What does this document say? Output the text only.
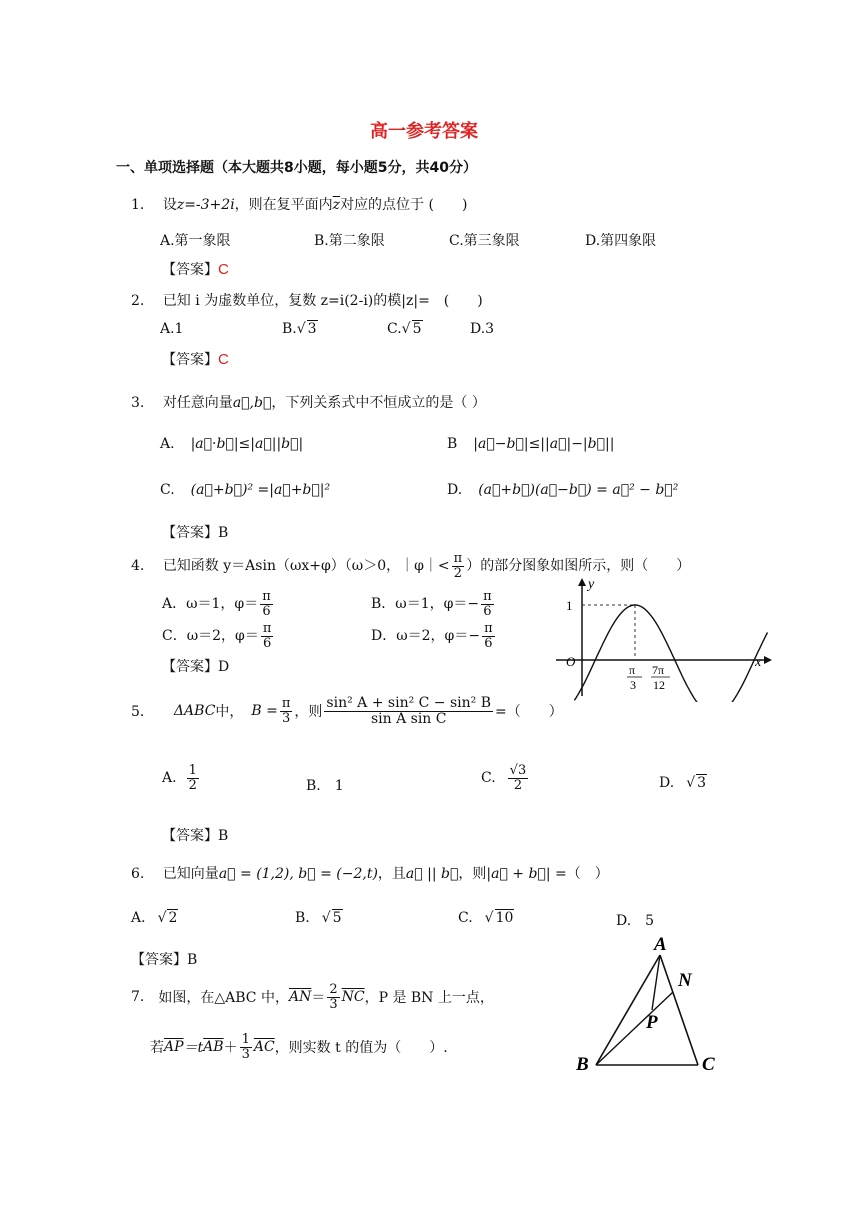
高一参考答案
一、单项选择题（本大题共8小题，每小题5分，共40分）
1. 设z=-3+2i，则在复平面内$\overline{z}$对应的点位于 (　　)
A.第一象限	B.第二象限	C.第三象限	D.第四象限
【答案】C
2. 已知 i 为虚数单位，复数 z=i(2-i)的模|z|=　(　　)
A.1	B.√ 3	C.√ 5	D.3
【答案】C
3. 对任意向量a⃗,b⃗，下列关系式中不恒成立的是（ ）
A. |a⃗·b⃗|≤|a⃗||b⃗|	B |a⃗−b⃗|≤||a⃗|−|b⃗||
C. (a⃗+b⃗)² =|a⃗+b⃗|²	D. (a⃗+b⃗)(a⃗−b⃗) = a⃗² − b⃗²
【答案】B
4. 已知函数 y＝Asin（ωx+φ）（ω＞0，｜φ｜< $\frac{\pi}{2}$ ）的部分图象如图所示，则（　　）
A．ω＝1，$\varphi= \frac{\pi}{6}$	B．ω＝1，$\varphi=- \frac{\pi}{6}$
C．ω＝2，$\varphi= \frac{\pi}{6}$	D．ω＝2，$\varphi=- \frac{\pi}{6}$
【答案】D
y
1
O	x
π
3
7π
12
5． ΔABC 中， $B = \frac{\pi}{3}$ ，则 $\frac{\text{sin² A + sin² C − sin² B}}{\text{sin A sin C}}$ =（　　）
A. $\frac{1}{2}$	B.　1	C. $\frac{√3}{2}$	D. √ 3
【答案】B
6. 已知向量a⃗ = (1,2), b⃗ = (−2,t)，且a⃗ || b⃗，则|a⃗ + b⃗| =（　）
A. √ 2	B. √ 5	C. √ 10	D.　5
【答案】B
7. 如图，在△ABC 中， $\overline{AN} = \frac{2}{3} \overline{NC}$ ，P 是 BN 上一点，
若 $\overline{AP} =t$ $\overline{AB} + \frac{1}{3} \overline{AC}$ ，则实数 t 的值为（　　）.
A
N
P
B	C
